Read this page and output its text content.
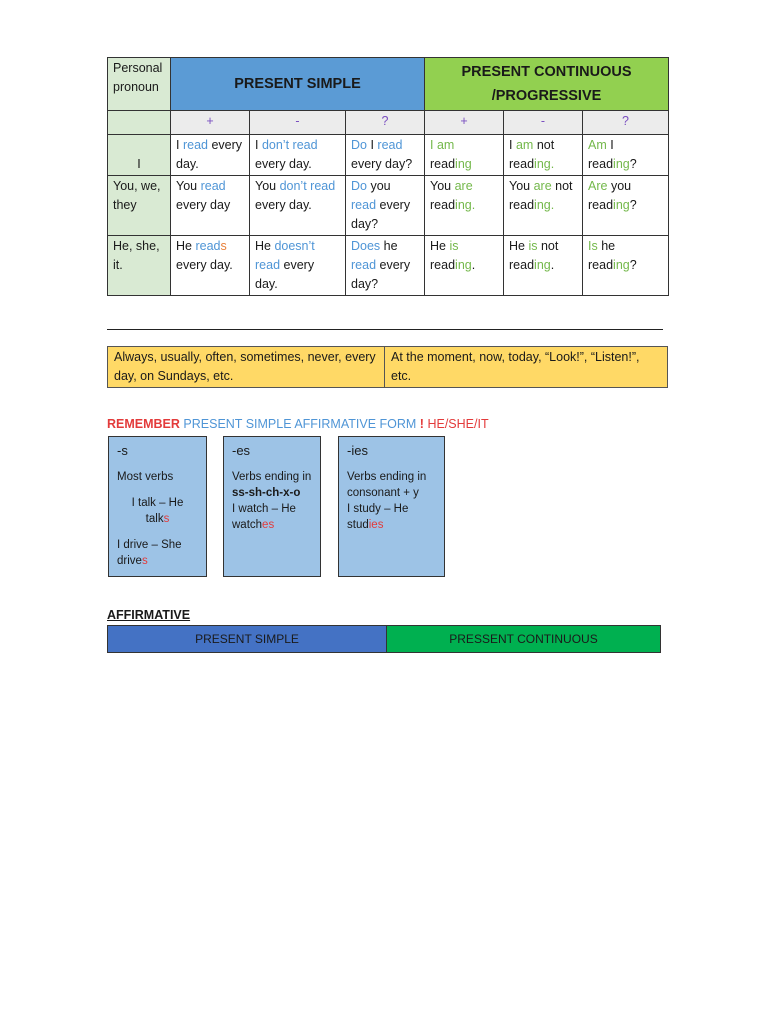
Personal pronoun	PRESENT SIMPLE			PRESENT CONTINUOUS
/PROGRESSIVE		
	+	-	?	+	-	?
I	I read every day.	I don’t read every day.	Do I read every day?	I am reading	I am not reading.	Am I reading?
You, we, they	You read every day	You don’t read every day.	Do you read every day?	You are reading.	You are not reading.	Are you reading?
He, she, it.	He reads every day.	He doesn’t read every day.	Does he read every day?	He is reading.	He is not reading.	Is he reading?
Always, usually, often, sometimes, never, every day, on Sundays, etc.	At the moment, now, today, “Look!”, “Listen!”, etc.
REMEMBER PRESENT SIMPLE AFFIRMATIVE FORM ! HE/SHE/IT
-s
Most verbs
I talk – He
talks
I drive – She
drives
-es
Verbs ending in
ss-sh-ch-x-o
I watch – He
watches
-ies
Verbs ending in
consonant + y
I study – He
studies
AFFIRMATIVE
PRESENT SIMPLE	PRESSENT CONTINUOUS
